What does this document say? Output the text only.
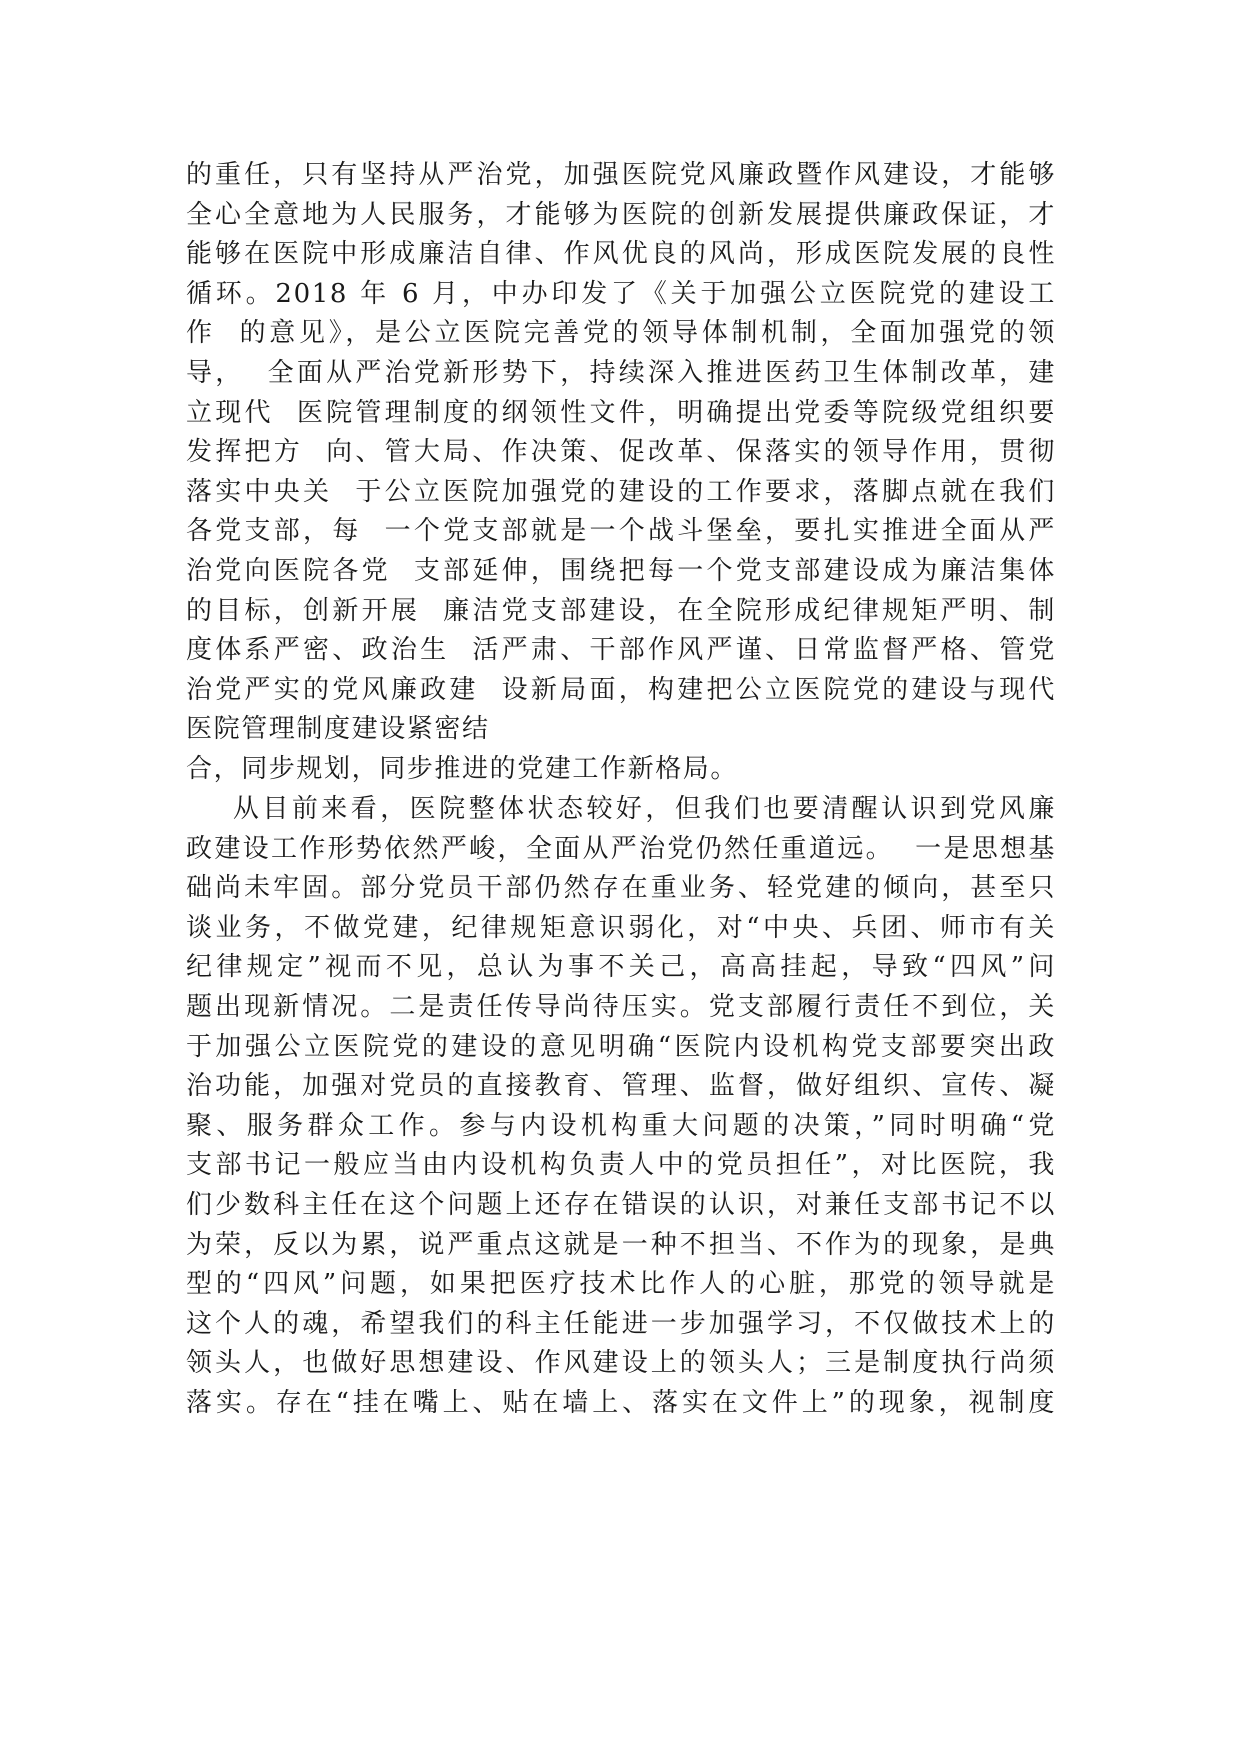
的重任，只有坚持从严治党，加强医院党风廉政暨作风建设，才能够
全心全意地为人民服务，才能够为医院的创新发展提供廉政保证，才
能够在医院中形成廉洁自律、作风优良的风尚，形成医院发展的良性
循环。2018 年 6 月，中办印发了《关于加强公立医院党的建设工
作  的意见》，是公立医院完善党的领导体制机制，全面加强党的领
导，  全面从严治党新形势下，持续深入推进医药卫生体制改革，建
立现代  医院管理制度的纲领性文件，明确提出党委等院级党组织要
发挥把方  向、管大局、作决策、促改革、保落实的领导作用，贯彻
落实中央关  于公立医院加强党的建设的工作要求，落脚点就在我们
各党支部，每  一个党支部就是一个战斗堡垒，要扎实推进全面从严
治党向医院各党  支部延伸，围绕把每一个党支部建设成为廉洁集体
的目标，创新开展  廉洁党支部建设，在全院形成纪律规矩严明、制
度体系严密、政治生  活严肃、干部作风严谨、日常监督严格、管党
治党严实的党风廉政建  设新局面，构建把公立医院党的建设与现代
医院管理制度建设紧密结
合，同步规划，同步推进的党建工作新格局。
从目前来看，医院整体状态较好，但我们也要清醒认识到党风廉
政建设工作形势依然严峻，全面从严治党仍然任重道远。  一是思想基
础尚未牢固。部分党员干部仍然存在重业务、轻党建的倾向，甚至只
谈业务，不做党建，纪律规矩意识弱化，对“中央、兵团、师市有关
纪律规定”视而不见，总认为事不关己，高高挂起，导致“四风”问
题出现新情况。二是责任传导尚待压实。党支部履行责任不到位，关
于加强公立医院党的建设的意见明确“医院内设机构党支部要突出政
治功能，加强对党员的直接教育、管理、监督，做好组织、宣传、凝
聚、服务群众工作。参与内设机构重大问题的决策，”同时明确“党
支部书记一般应当由内设机构负责人中的党员担任”，对比医院，我
们少数科主任在这个问题上还存在错误的认识，对兼任支部书记不以
为荣，反以为累，说严重点这就是一种不担当、不作为的现象，是典
型的“四风”问题，如果把医疗技术比作人的心脏，那党的领导就是
这个人的魂，希望我们的科主任能进一步加强学习，不仅做技术上的
领头人，也做好思想建设、作风建设上的领头人；三是制度执行尚须
落实。存在“挂在嘴上、贴在墙上、落实在文件上”的现象，视制度
